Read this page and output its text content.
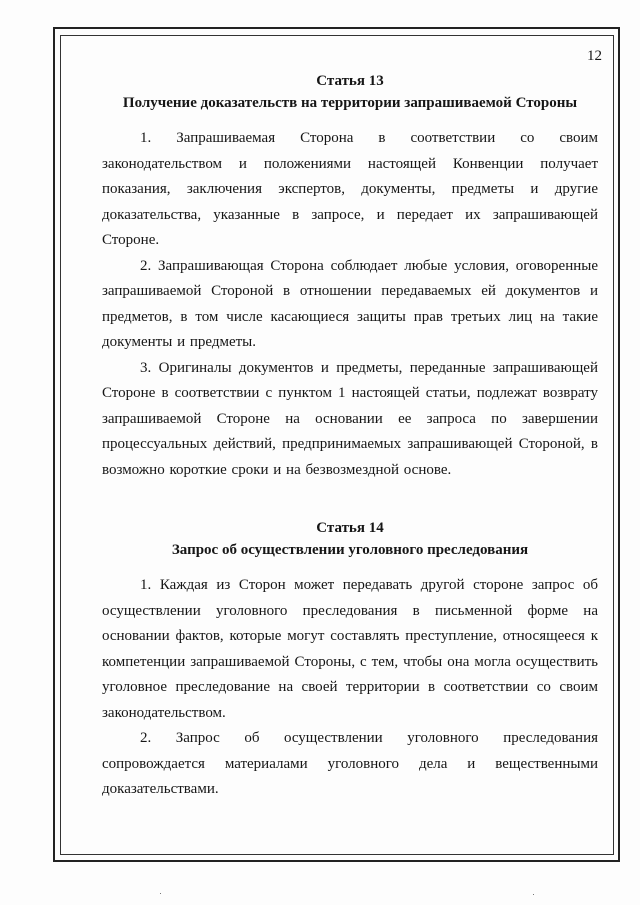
12

Статья 13

Получение доказательств на территории запрашиваемой Стороны

1. Запрашиваемая Сторона в соответствии со своим законодательством и положениями настоящей Конвенции получает показания, заключения экспертов, документы, предметы и другие доказательства, указанные в запросе, и передает их запрашивающей Стороне.

2. Запрашивающая Сторона соблюдает любые условия, оговоренные запрашиваемой Стороной в отношении передаваемых ей документов и предметов, в том числе касающиеся защиты прав третьих лиц на такие документы и предметы.

3. Оригиналы документов и предметы, переданные запрашивающей Стороне в соответствии с пунктом 1 настоящей статьи, подлежат возврату запрашиваемой Стороне на основании ее запроса по завершении процессуальных действий, предпринимаемых запрашивающей Стороной, в возможно короткие сроки и на безвозмездной основе.

Статья 14

Запрос об осуществлении уголовного преследования

1. Каждая из Сторон может передавать другой стороне запрос об осуществлении уголовного преследования в письменной форме на основании фактов, которые могут составлять преступление, относящееся к компетенции запрашиваемой Стороны, с тем, чтобы она могла осуществить уголовное преследование на своей территории в соответствии со своим законодательством.

2. Запрос об осуществлении уголовного преследования сопровождается материалами уголовного дела и вещественными доказательствами.
